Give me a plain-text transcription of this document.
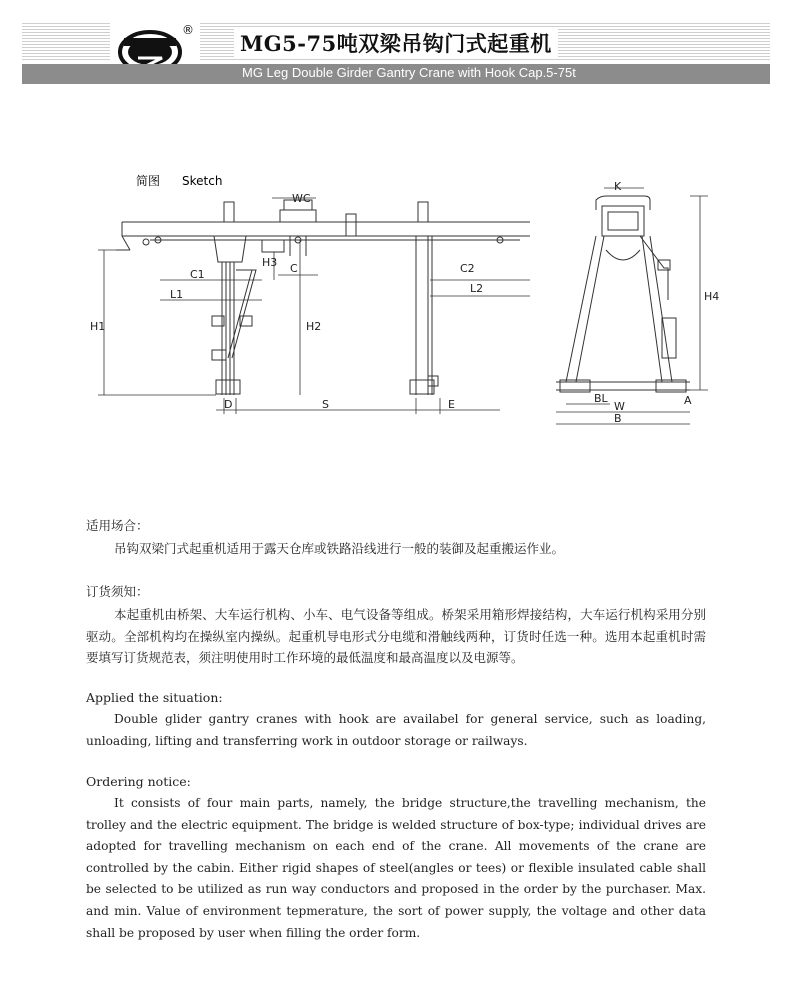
®
MG5-75吨双梁吊钩门式起重机
MG Leg Double Girder Gantry Crane with Hook Cap.5-75t
简图 Sketch
WC
C
C1
L1
C2
L2
H1	H2
H3
D	S	E
K
H4
BL
W
B
A

适用场合：

吊钩双梁门式起重机适用于露天仓库或铁路沿线进行一般的装御及起重搬运作业。

订货须知：

本起重机由桥架、大车运行机构、小车、电气设备等组成。桥架采用箱形焊接结构，大车运行机构采用分别驱动。全部机构均在操纵室内操纵。起重机导电形式分电缆和滑触线两种，订货时任选一种。选用本起重机时需要填写订货规范表，须注明使用时工作环境的最低温度和最高温度以及电源等。

Applied the situation:

Double glider gantry cranes with hook are availabel for general service, such as loading, unloading, lifting and transferring work in outdoor storage or railways.

Ordering notice:

It consists of four main parts, namely, the bridge structure,the travelling mechanism, the trolley and the electric equipment. The bridge is welded structure of box-type; individual drives are adopted for travelling mechanism on each end of the crane. All movements of the crane are controlled by the cabin. Either rigid shapes of steel(angles or tees) or flexible insulated cable shall be selected to be utilized as run way conductors and proposed in the order by the purchaser. Max. and min. Value of environment tepmerature, the sort of power supply, the voltage and other data shall be proposed by user when filling the order form.
